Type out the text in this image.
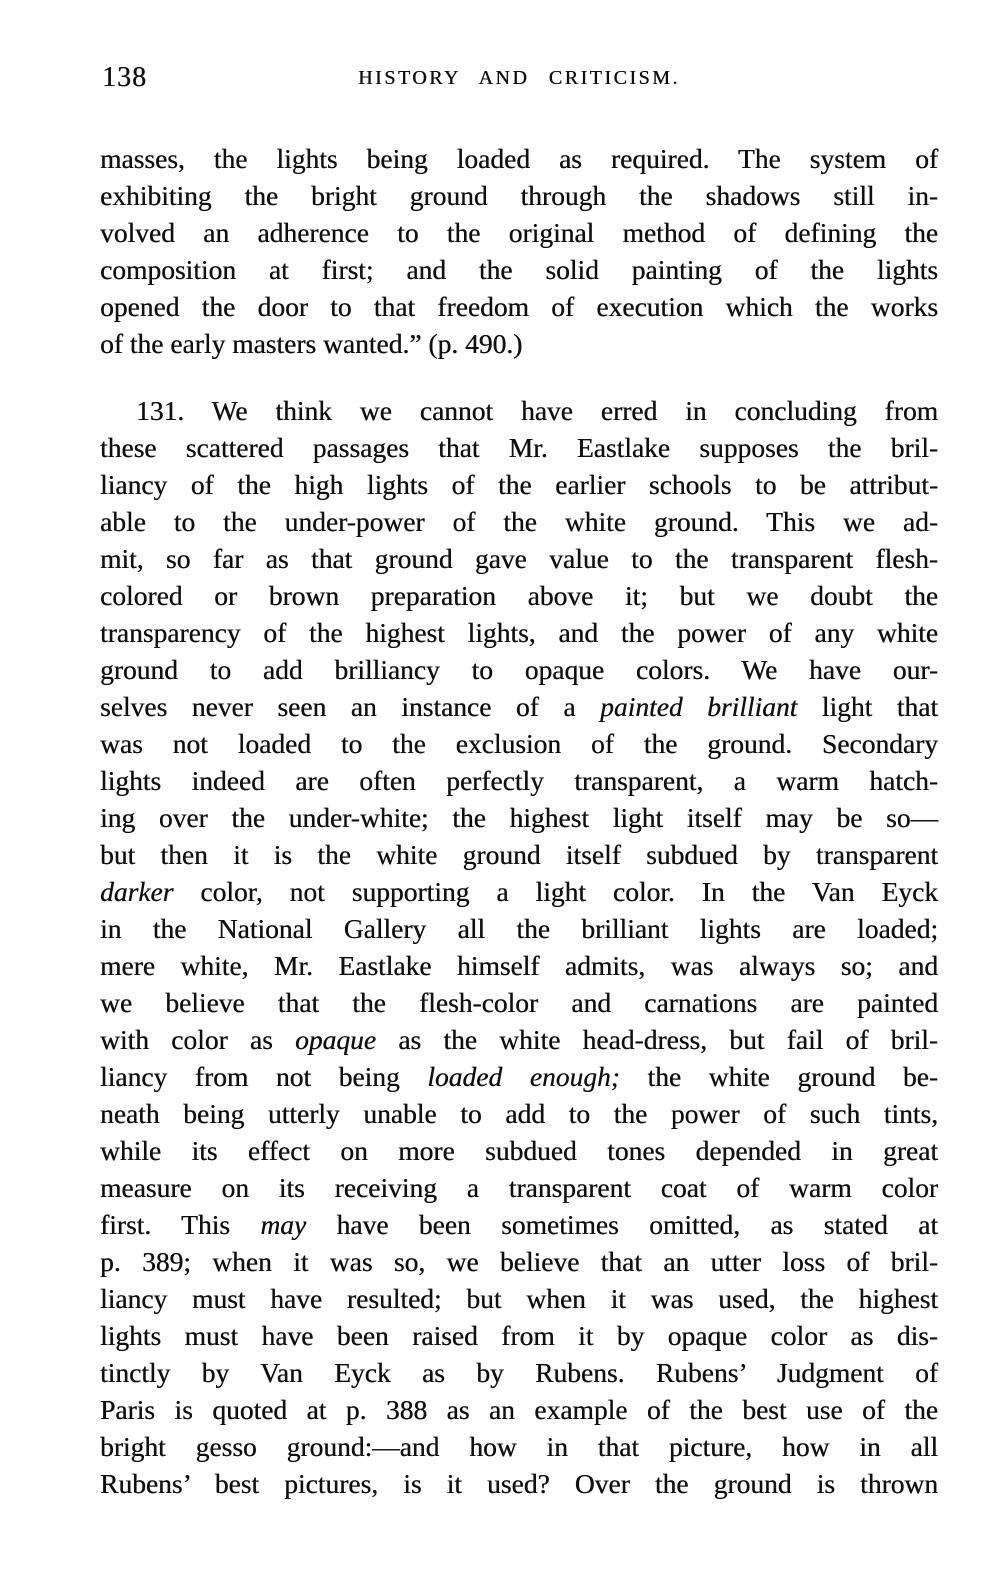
138	HISTORY AND CRITICISM.
masses, the lights being loaded as required. The system of
exhibiting the bright ground through the shadows still in-
volved an adherence to the original method of defining the
composition at first; and the solid painting of the lights
opened the door to that freedom of execution which the works
of the early masters wanted.” (p. 490.)
131. We think we cannot have erred in concluding from
these scattered passages that Mr. Eastlake supposes the bril-
liancy of the high lights of the earlier schools to be attribut-
able to the under-power of the white ground. This we ad-
mit, so far as that ground gave value to the transparent flesh-
colored or brown preparation above it; but we doubt the
transparency of the highest lights, and the power of any white
ground to add brilliancy to opaque colors. We have our-
selves never seen an instance of a painted brilliant light that
was not loaded to the exclusion of the ground. Secondary
lights indeed are often perfectly transparent, a warm hatch-
ing over the under-white; the highest light itself may be so—
but then it is the white ground itself subdued by transparent
darker color, not supporting a light color. In the Van Eyck
in the National Gallery all the brilliant lights are loaded;
mere white, Mr. Eastlake himself admits, was always so; and
we believe that the flesh-color and carnations are painted
with color as opaque as the white head-dress, but fail of bril-
liancy from not being loaded enough; the white ground be-
neath being utterly unable to add to the power of such tints,
while its effect on more subdued tones depended in great
measure on its receiving a transparent coat of warm color
first. This may have been sometimes omitted, as stated at
p. 389; when it was so, we believe that an utter loss of bril-
liancy must have resulted; but when it was used, the highest
lights must have been raised from it by opaque color as dis-
tinctly by Van Eyck as by Rubens. Rubens’ Judgment of
Paris is quoted at p. 388 as an example of the best use of the
bright gesso ground:—and how in that picture, how in all
Rubens’ best pictures, is it used? Over the ground is thrown
